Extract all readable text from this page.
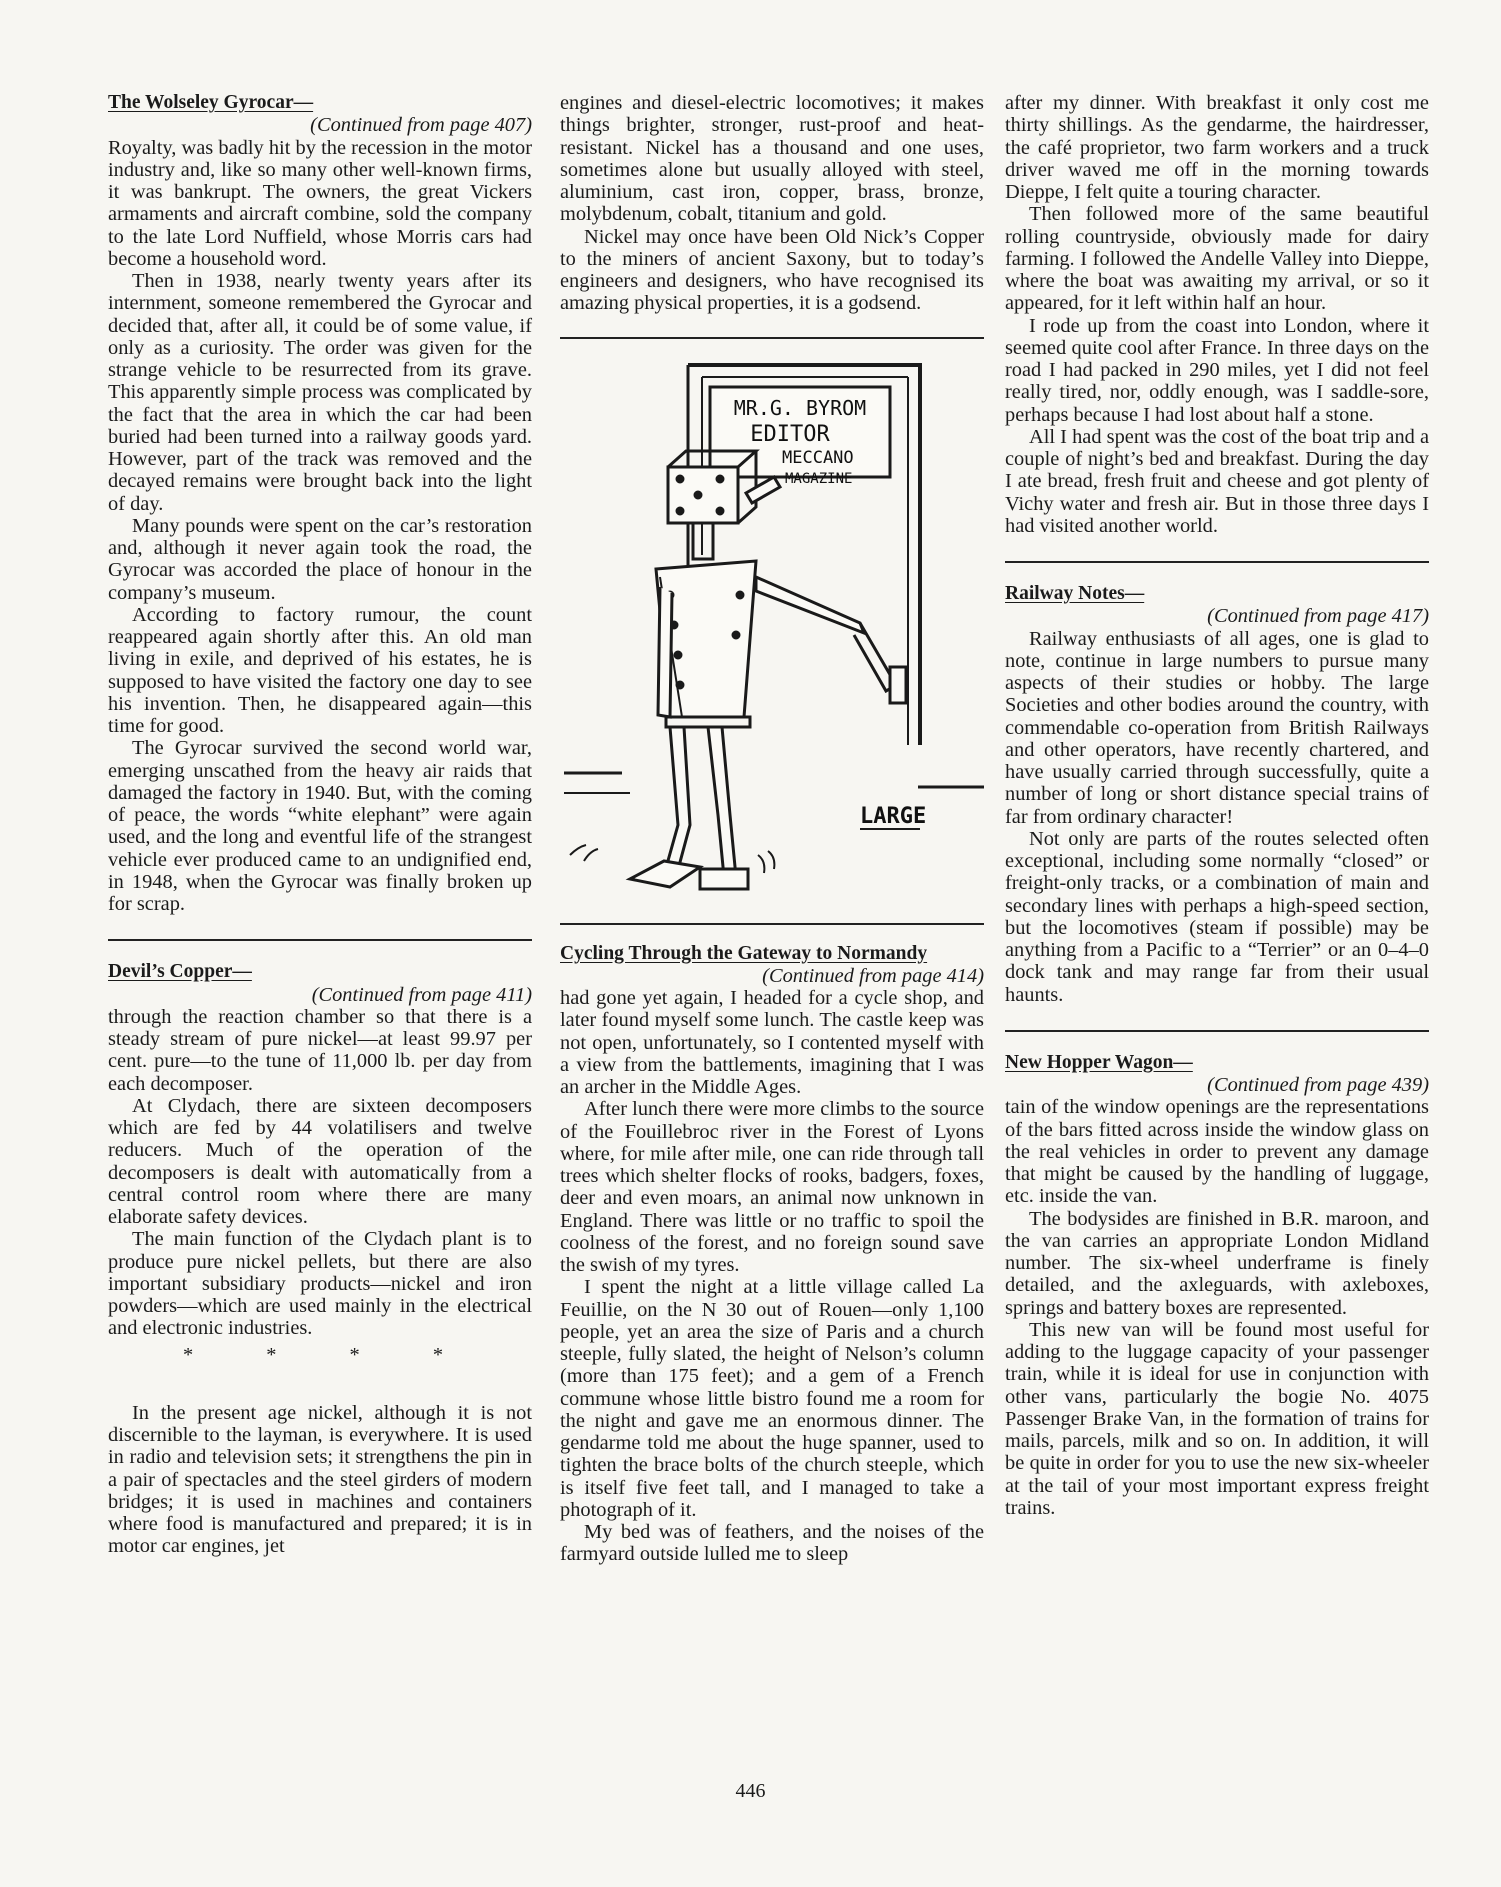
The Wolseley Gyrocar—

(Continued from page 407)

Royalty, was badly hit by the recession in the motor industry and, like so many other well-known firms, it was bankrupt. The owners, the great Vickers armaments and aircraft combine, sold the company to the late Lord Nuffield, whose Morris cars had become a household word.

Then in 1938, nearly twenty years after its internment, someone remembered the Gyrocar and decided that, after all, it could be of some value, if only as a curiosity. The order was given for the strange vehicle to be resurrected from its grave. This apparently simple process was complicated by the fact that the area in which the car had been buried had been turned into a railway goods yard. However, part of the track was removed and the decayed remains were brought back into the light of day.

Many pounds were spent on the car’s restoration and, although it never again took the road, the Gyrocar was accorded the place of honour in the company’s museum.

According to factory rumour, the count reappeared again shortly after this. An old man living in exile, and deprived of his estates, he is supposed to have visited the factory one day to see his invention. Then, he disappeared again—this time for good.

The Gyrocar survived the second world war, emerging unscathed from the heavy air raids that damaged the factory in 1940. But, with the coming of peace, the words “white elephant” were again used, and the long and eventful life of the strangest vehicle ever produced came to an undignified end, in 1948, when the Gyrocar was finally broken up for scrap.

Devil’s Copper—

(Continued from page 411)

through the reaction chamber so that there is a steady stream of pure nickel—at least 99.97 per cent. pure—to the tune of 11,000 lb. per day from each decomposer.

At Clydach, there are sixteen decomposers which are fed by 44 volatilisers and twelve reducers. Much of the operation of the decomposers is dealt with automatically from a central control room where there are many elaborate safety devices.

The main function of the Clydach plant is to produce pure nickel pellets, but there are also important subsidiary products—nickel and iron powders—which are used mainly in the electrical and electronic industries.

* * * *

In the present age nickel, although it is not discernible to the layman, is everywhere. It is used in radio and television sets; it strengthens the pin in a pair of spectacles and the steel girders of modern bridges; it is used in machines and containers where food is manufactured and prepared; it is in motor car engines, jet

engines and diesel-electric locomotives; it makes things brighter, stronger, rust-proof and heat-resistant. Nickel has a thousand and one uses, sometimes alone but usually alloyed with steel, aluminium, cast iron, copper, brass, bronze, molybdenum, cobalt, titanium and gold.

Nickel may once have been Old Nick’s Copper to the miners of ancient Saxony, but to today’s engineers and designers, who have recognised its amazing physical properties, it is a godsend.

MR.G. BYROM
EDITOR
MECCANO
MAGAZINE
LARGE

Cycling Through the Gateway to Normandy

(Continued from page 414)

had gone yet again, I headed for a cycle shop, and later found myself some lunch. The castle keep was not open, unfortunately, so I contented myself with a view from the battlements, imagining that I was an archer in the Middle Ages.

After lunch there were more climbs to the source of the Fouillebroc river in the Forest of Lyons where, for mile after mile, one can ride through tall trees which shelter flocks of rooks, badgers, foxes, deer and even moars, an animal now unknown in England. There was little or no traffic to spoil the coolness of the forest, and no foreign sound save the swish of my tyres.

I spent the night at a little village called La Feuillie, on the N 30 out of Rouen—only 1,100 people, yet an area the size of Paris and a church steeple, fully slated, the height of Nelson’s column (more than 175 feet); and a gem of a French commune whose little bistro found me a room for the night and gave me an enormous dinner. The gendarme told me about the huge spanner, used to tighten the brace bolts of the church steeple, which is itself five feet tall, and I managed to take a photograph of it.

My bed was of feathers, and the noises of the farmyard outside lulled me to sleep

after my dinner. With breakfast it only cost me thirty shillings. As the gendarme, the hairdresser, the café proprietor, two farm workers and a truck driver waved me off in the morning towards Dieppe, I felt quite a touring character.

Then followed more of the same beautiful rolling countryside, obviously made for dairy farming. I followed the Andelle Valley into Dieppe, where the boat was awaiting my arrival, or so it appeared, for it left within half an hour.

I rode up from the coast into London, where it seemed quite cool after France. In three days on the road I had packed in 290 miles, yet I did not feel really tired, nor, oddly enough, was I saddle-sore, perhaps because I had lost about half a stone.

All I had spent was the cost of the boat trip and a couple of night’s bed and breakfast. During the day I ate bread, fresh fruit and cheese and got plenty of Vichy water and fresh air. But in those three days I had visited another world.

Railway Notes—

(Continued from page 417)

Railway enthusiasts of all ages, one is glad to note, continue in large numbers to pursue many aspects of their studies or hobby. The large Societies and other bodies around the country, with commendable co-operation from British Railways and other operators, have recently chartered, and have usually carried through successfully, quite a number of long or short distance special trains of far from ordinary character!

Not only are parts of the routes selected often exceptional, including some normally “closed” or freight-only tracks, or a combination of main and secondary lines with perhaps a high-speed section, but the locomotives (steam if possible) may be anything from a Pacific to a “Terrier” or an 0–4–0 dock tank and may range far from their usual haunts.

New Hopper Wagon—

(Continued from page 439)

tain of the window openings are the representations of the bars fitted across inside the window glass on the real vehicles in order to prevent any damage that might be caused by the handling of luggage, etc. inside the van.

The bodysides are finished in B.R. maroon, and the van carries an appropriate London Midland number. The six-wheel underframe is finely detailed, and the axleguards, with axleboxes, springs and battery boxes are represented.

This new van will be found most useful for adding to the luggage capacity of your passenger train, while it is ideal for use in conjunction with other vans, particularly the bogie No. 4075 Passenger Brake Van, in the formation of trains for mails, parcels, milk and so on. In addition, it will be quite in order for you to use the new six-wheeler at the tail of your most important express freight trains.

446
